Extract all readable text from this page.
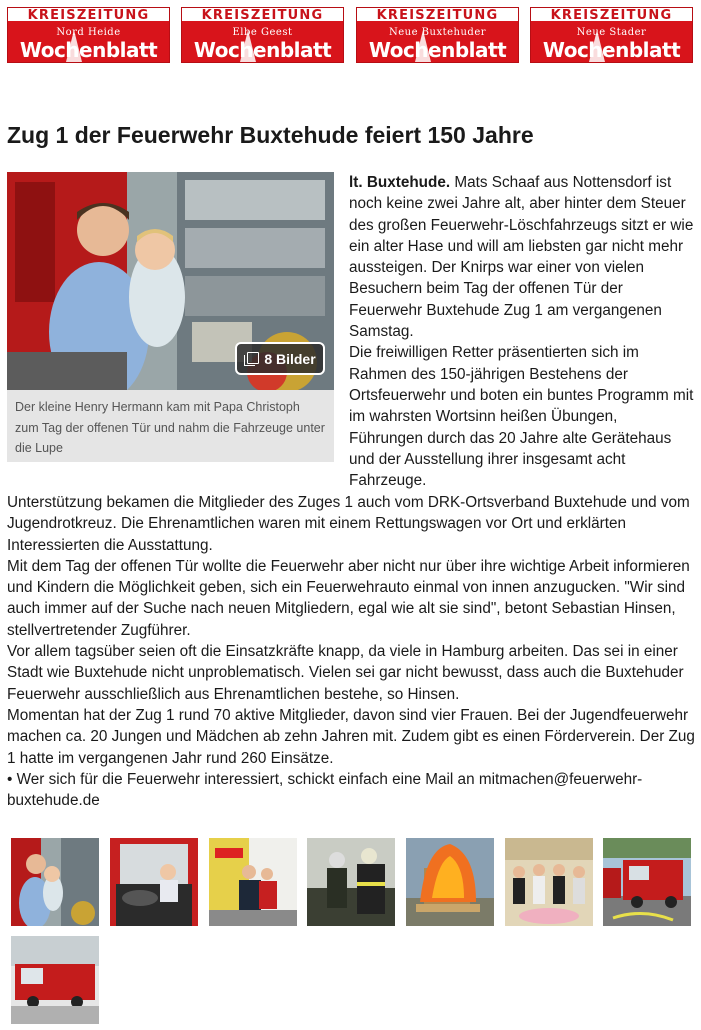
KREISZEITUNG
Nord Heide
Wochenblatt
KREISZEITUNG
Elbe Geest
Wochenblatt
KREISZEITUNG
Neue Buxtehuder
Wochenblatt
KREISZEITUNG
Neue Stader
Wochenblatt
Zug 1 der Feuerwehr Buxtehude feiert 150 Jahre
8 Bilder
Der kleine Henry Hermann kam mit Papa Christoph zum Tag der offenen Tür und nahm die Fahrzeuge unter die Lupe

lt. Buxtehude. Mats Schaaf aus Nottensdorf ist noch keine zwei Jahre alt, aber hinter dem Steuer des großen Feuerwehr-Löschfahrzeugs sitzt er wie ein alter Hase und will am liebsten gar nicht mehr aussteigen. Der Knirps war einer von vielen Besuchern beim Tag der offenen Tür der Feuerwehr Buxtehude Zug 1 am vergangenen Samstag.

Die freiwilligen Retter präsentierten sich im Rahmen des 150-jährigen Bestehens der Ortsfeuerwehr und boten ein buntes Programm mit im wahrsten Wortsinn heißen Übungen, Führungen durch das 20 Jahre alte Gerätehaus und der Ausstellung ihrer insgesamt acht Fahrzeuge.

Unterstützung bekamen die Mitglieder des Zuges 1 auch vom DRK-Ortsverband Buxtehude und vom Jugendrotkreuz. Die Ehrenamtlichen waren mit einem Rettungswagen vor Ort und erklärten Interessierten die Ausstattung.

Mit dem Tag der offenen Tür wollte die Feuerwehr aber nicht nur über ihre wichtige Arbeit informieren und Kindern die Möglichkeit geben, sich ein Feuerwehrauto einmal von innen anzugucken. "Wir sind auch immer auf der Suche nach neuen Mitgliedern, egal wie alt sie sind", betont Sebastian Hinsen, stellvertretender Zugführer.

Vor allem tagsüber seien oft die Einsatzkräfte knapp, da viele in Hamburg arbeiten. Das sei in einer Stadt wie Buxtehude nicht unproblematisch. Vielen sei gar nicht bewusst, dass auch die Buxtehuder Feuerwehr ausschließlich aus Ehrenamtlichen bestehe, so Hinsen.

Momentan hat der Zug 1 rund 70 aktive Mitglieder, davon sind vier Frauen. Bei der Jugendfeuerwehr machen ca. 20 Jungen und Mädchen ab zehn Jahren mit. Zudem gibt es einen Förderverein. Der Zug 1 hatte im vergangenen Jahr rund 260 Einsätze.

• Wer sich für die Feuerwehr interessiert, schickt einfach eine Mail an mitmachen@feuerwehr-buxtehude.de
